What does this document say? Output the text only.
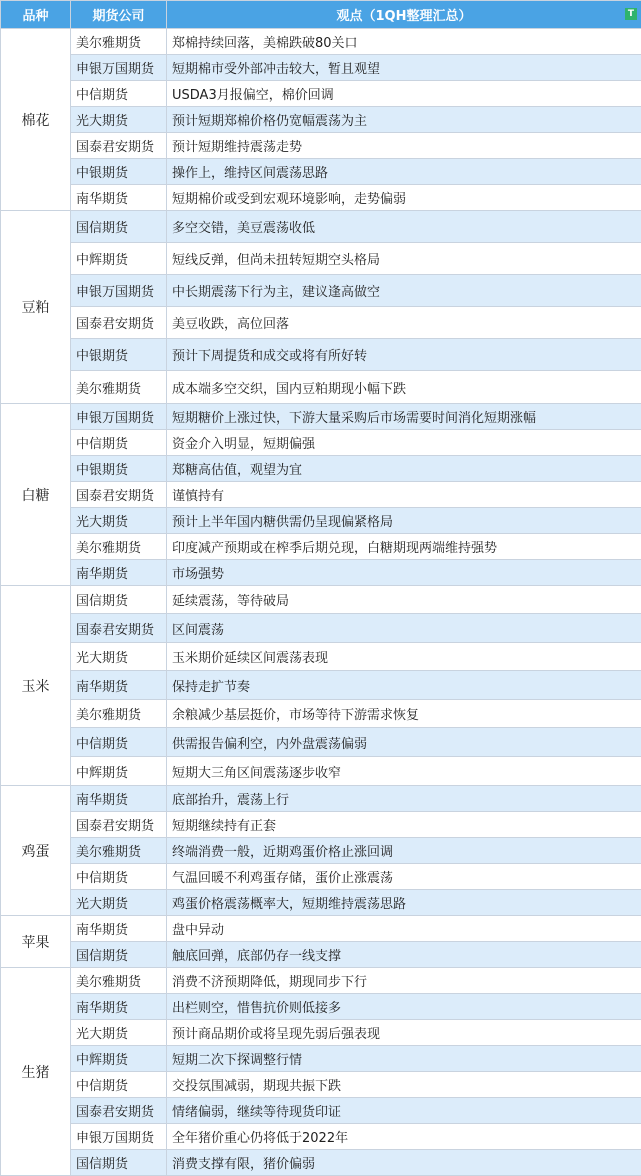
品种	期货公司	观点（1QH整理汇总） T

棉花	美尔雅期货	郑棉持续回落，美棉跌破80关口
	申银万国期货	短期棉市受外部冲击较大，暂且观望
	中信期货	USDA3月报偏空，棉价回调
	光大期货	预计短期郑棉价格仍宽幅震荡为主
	国泰君安期货	预计短期维持震荡走势
	中银期货	操作上，维持区间震荡思路
	南华期货	短期棉价或受到宏观环境影响，走势偏弱
豆粕	国信期货	多空交错，美豆震荡收低
	中辉期货	短线反弹，但尚未扭转短期空头格局
	申银万国期货	中长期震荡下行为主，建议逢高做空
	国泰君安期货	美豆收跌，高位回落
	中银期货	预计下周提货和成交或将有所好转
	美尔雅期货	成本端多空交织，国内豆粕期现小幅下跌
白糖	申银万国期货	短期糖价上涨过快，下游大量采购后市场需要时间消化短期涨幅
	中信期货	资金介入明显，短期偏强
	中银期货	郑糖高估值，观望为宜
	国泰君安期货	谨慎持有
	光大期货	预计上半年国内糖供需仍呈现偏紧格局
	美尔雅期货	印度减产预期或在榨季后期兑现，白糖期现两端维持强势
	南华期货	市场强势
玉米	国信期货	延续震荡，等待破局
	国泰君安期货	区间震荡
	光大期货	玉米期价延续区间震荡表现
	南华期货	保持走扩节奏
	美尔雅期货	余粮减少基层挺价，市场等待下游需求恢复
	中信期货	供需报告偏利空，内外盘震荡偏弱
	中辉期货	短期大三角区间震荡逐步收窄
鸡蛋	南华期货	底部抬升，震荡上行
	国泰君安期货	短期继续持有正套
	美尔雅期货	终端消费一般，近期鸡蛋价格止涨回调
	中信期货	气温回暖不利鸡蛋存储，蛋价止涨震荡
	光大期货	鸡蛋价格震荡概率大，短期维持震荡思路
苹果	南华期货	盘中异动
	国信期货	触底回弹，底部仍存一线支撑
生猪	美尔雅期货	消费不济预期降低，期现同步下行
	南华期货	出栏则空，惜售抗价则低接多
	光大期货	预计商品期价或将呈现先弱后强表现
	中辉期货	短期二次下探调整行情
	中信期货	交投氛围减弱，期现共振下跌
	国泰君安期货	情绪偏弱，继续等待现货印证
	申银万国期货	全年猪价重心仍将低于2022年
	国信期货	消费支撑有限，猪价偏弱
